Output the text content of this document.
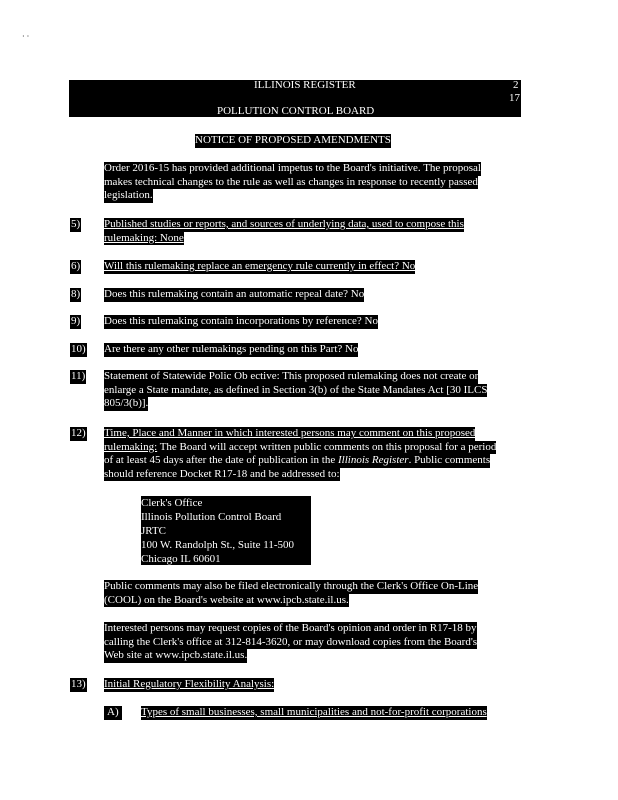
· ·
ILLINOIS REGISTER	2
17
POLLUTION CONTROL BOARD
NOTICE OF PROPOSED AMENDMENTS
Order 2016-15 has provided additional impetus to the Board's initiative. The proposal
makes technical changes to the rule as well as changes in response to recently passed
legislation.
5) Published studies or reports, and sources of underlying data, used to compose this
rulemaking: None
6) Will this rulemaking replace an emergency rule currently in effect? No
8) Does this rulemaking contain an automatic repeal date? No
9) Does this rulemaking contain incorporations by reference? No
10) Are there any other rulemakings pending on this Part? No
11) Statement of Statewide Polic Ob ective: This proposed rulemaking does not create or
enlarge a State mandate, as defined in Section 3(b) of the State Mandates Act [30 ILCS
805/3(b)].
12) Time, Place and Manner in which interested persons may comment on this proposed
rulemaking: The Board will accept written public comments on this proposal for a period
of at least 45 days after the date of publication in the Illinois Register. Public comments
should reference Docket R17-18 and be addressed to:
Clerk's Office
Illinois Pollution Control Board
JRTC
100 W. Randolph St., Suite 11-500
Chicago IL 60601
Public comments may also be filed electronically through the Clerk's Office On-Line
(COOL) on the Board's website at www.ipcb.state.il.us.
Interested persons may request copies of the Board's opinion and order in R17-18 by
calling the Clerk's office at 312-814-3620, or may download copies from the Board's
Web site at www.ipcb.state.il.us.
13) Initial Regulatory Flexibility Analysis:
A) Types of small businesses, small municipalities and not-for-profit corporations
